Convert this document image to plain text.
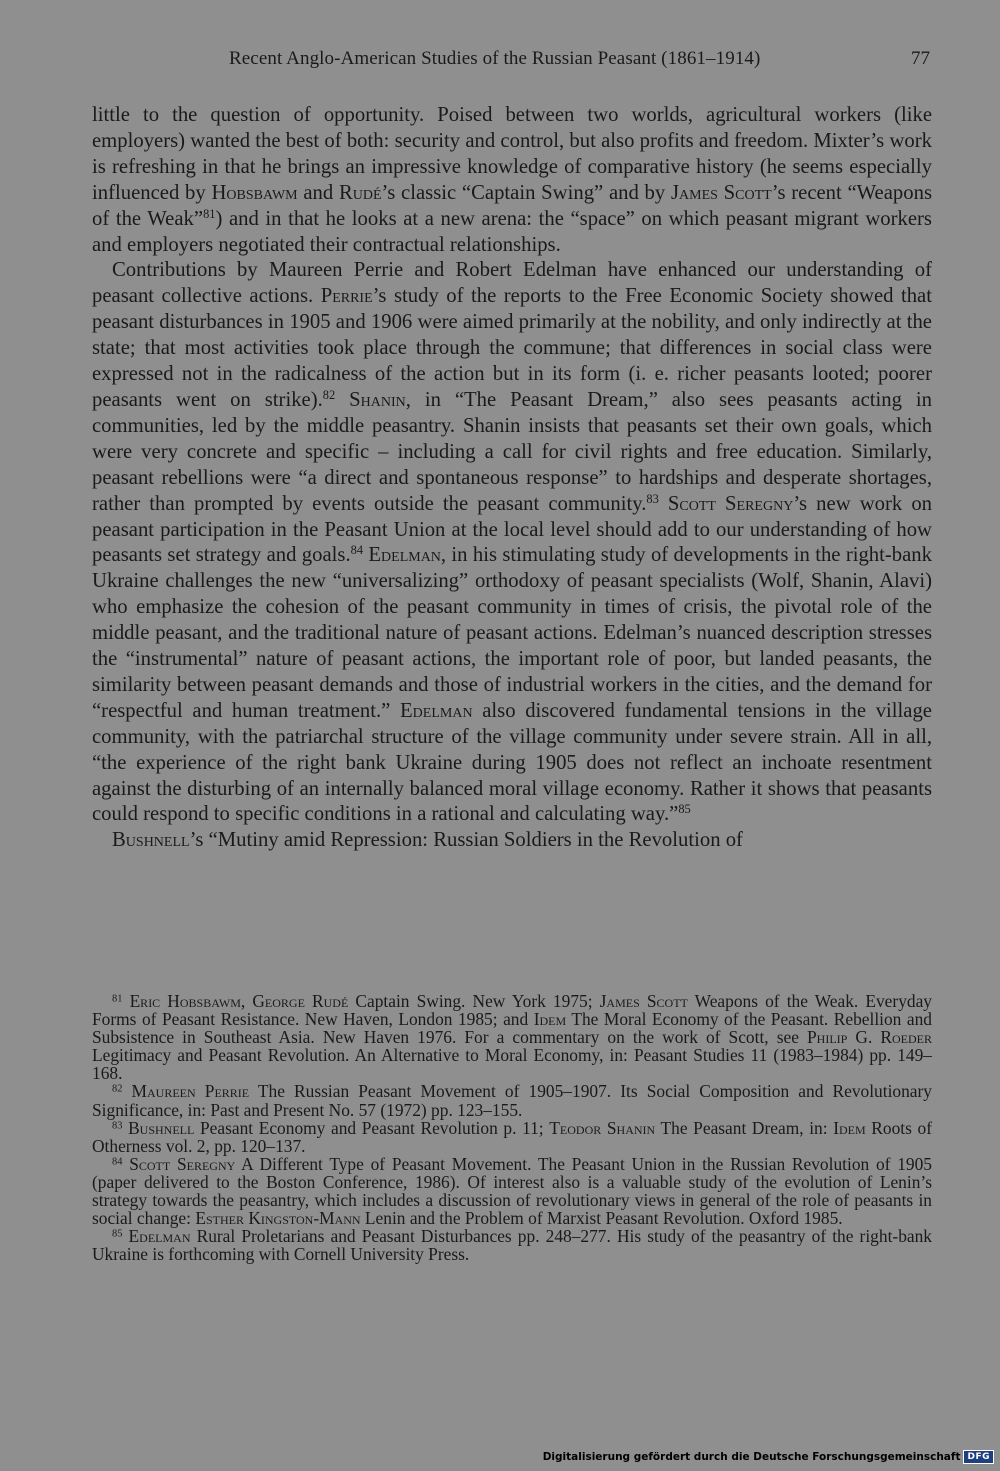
Recent Anglo-American Studies of the Russian Peasant (1861–1914)	77

little to the question of opportunity. Poised between two worlds, agricultural workers (like employers) wanted the best of both: security and control, but also profits and freedom. Mixter’s work is refreshing in that he brings an impressive knowledge of comparative history (he seems especially influenced by Hobsbawm and Rudé’s classic “Captain Swing” and by James Scott’s recent “Weapons of the Weak”$^{81}$) and in that he looks at a new arena: the “space” on which peasant migrant workers and employers negotiated their contractual relationships.

Contributions by Maureen Perrie and Robert Edelman have enhanced our understanding of peasant collective actions. Perrie’s study of the reports to the Free Economic Society showed that peasant disturbances in 1905 and 1906 were aimed primarily at the nobility, and only indirectly at the state; that most activities took place through the commune; that differences in social class were expressed not in the radicalness of the action but in its form (i. e. richer peasants looted; poorer peasants went on strike).$^{82}$ Shanin, in “The Peasant Dream,” also sees peasants acting in communities, led by the middle peasantry. Shanin insists that peasants set their own goals, which were very concrete and specific – including a call for civil rights and free education. Similarly, peasant rebellions were “a direct and spontaneous response” to hardships and desperate shortages, rather than prompted by events outside the peasant community.$^{83}$ Scott Seregny’s new work on peasant participation in the Peasant Union at the local level should add to our understanding of how peasants set strategy and goals.$^{84}$ Edelman, in his stimulating study of developments in the right-bank Ukraine challenges the new “universalizing” orthodoxy of peasant specialists (Wolf, Shanin, Alavi) who emphasize the cohesion of the peasant community in times of crisis, the pivotal role of the middle peasant, and the traditional nature of peasant actions. Edelman’s nuanced description stresses the “instrumental” nature of peasant actions, the important role of poor, but landed peasants, the similarity between peasant demands and those of industrial workers in the cities, and the demand for “respectful and human treatment.” Edelman also discovered fundamental tensions in the village community, with the patriarchal structure of the village community under severe strain. All in all, “the experience of the right bank Ukraine during 1905 does not reflect an inchoate resentment against the disturbing of an internally balanced moral village economy. Rather it shows that peasants could respond to specific conditions in a rational and calculating way.”$^{85}$

Bushnell’s “Mutiny amid Repression: Russian Soldiers in the Revolution of

$^{81}$ Eric Hobsbawm, George Rudé Captain Swing. New York 1975; James Scott Weapons of the Weak. Everyday Forms of Peasant Resistance. New Haven, London 1985; and Idem The Moral Economy of the Peasant. Rebellion and Subsistence in Southeast Asia. New Haven 1976. For a commentary on the work of Scott, see Philip G. Roeder Legitimacy and Peasant Revolution. An Alternative to Moral Economy, in: Peasant Studies 11 (1983–1984) pp. 149–168.

$^{82}$ Maureen Perrie The Russian Peasant Movement of 1905–1907. Its Social Composition and Revolutionary Significance, in: Past and Present No. 57 (1972) pp. 123–155.

$^{83}$ Bushnell Peasant Economy and Peasant Revolution p. 11; Teodor Shanin The Peasant Dream, in: Idem Roots of Otherness vol. 2, pp. 120–137.

$^{84}$ Scott Seregny A Different Type of Peasant Movement. The Peasant Union in the Russian Revolution of 1905 (paper delivered to the Boston Conference, 1986). Of interest also is a valuable study of the evolution of Lenin’s strategy towards the peasantry, which includes a discussion of revolutionary views in general of the role of peasants in social change: Esther Kingston-Mann Lenin and the Problem of Marxist Peasant Revolution. Oxford 1985.

$^{85}$ Edelman Rural Proletarians and Peasant Disturbances pp. 248–277. His study of the peasantry of the right-bank Ukraine is forthcoming with Cornell University Press.

Digitalisierung gefördert durch die Deutsche Forschungsgemeinschaft DFG
